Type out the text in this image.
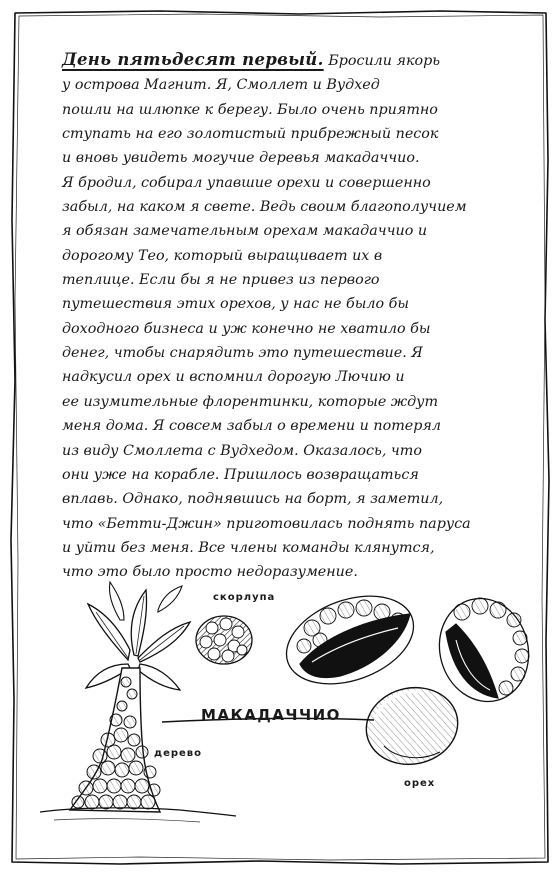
День пятьдесят первый. Бросили якорь
у острова Магнит. Я, Смоллет и Вудхед
пошли на шлюпке к берегу. Было очень приятно
ступать на его золотистый прибрежный песок
и вновь увидеть могучие деревья макадаччио.
Я бродил, собирал упавшие орехи и совершенно
забыл, на каком я свете. Ведь своим благополучием
я обязан замечательным орехам макадаччио и
дорогому Тео, который выращивает их в
теплице. Если бы я не привез из первого
путешествия этих орехов, у нас не было бы
доходного бизнеса и уж конечно не хватило бы
денег, чтобы снарядить это путешествие. Я
надкусил орех и вспомнил дорогую Лючию и
ее изумительные флорентинки, которые ждут
меня дома. Я совсем забыл о времени и потерял
из виду Смоллета с Вудхедом. Оказалось, что
они уже на корабле. Пришлось возвращаться
вплавь. Однако, поднявшись на борт, я заметил,
что «Бетти-Джин» приготовилась поднять паруса
и уйти без меня. Все члены команды клянутся,
что это было просто недоразумение.
скорлупа
МАКАДАЧЧИО
дерево
орех
